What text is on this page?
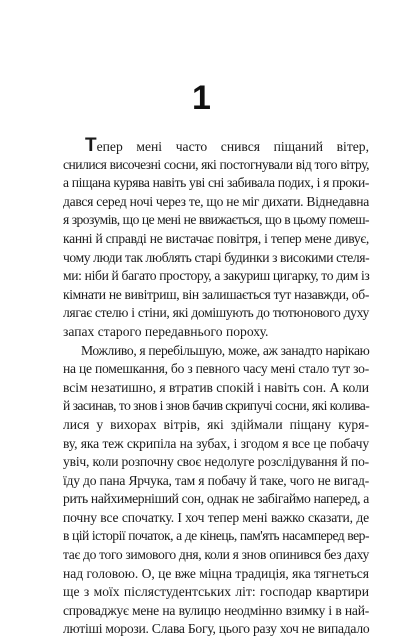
1
Тепер мені часто снився піщаний вітер,
снилися височезні сосни, які постогнували від того вітру,
а піщана курява навіть уві сні забивала подих, і я проки-
дався серед ночі через те, що не міг дихати. Віднедавна
я зрозумів, що це мені не ввижається, що в цьому помеш-
канні й справді не вистачає повітря, і тепер мене дивує,
чому люди так люблять старі будинки з високими стеля-
ми: ніби й багато простору, а закуриш цигарку, то дим із
кімнати не вивітриш, він залишається тут назавжди, об-
лягає стелю і стіни, які домішують до тютюнового духу
запах старого передавнього пороху.
Можливо, я перебільшую, може, аж занадто нарікаю
на це помешкання, бо з певного часу мені стало тут зо-
всім незатишно, я втратив спокій і навіть сон. А коли
й засинав, то знов і знов бачив скрипучі сосни, які колива-
лися у вихорах вітрів, які здіймали піщану куря-
ву, яка теж скрипіла на зубах, і згодом я все це побачу
увіч, коли розпочну своє недолуге розслідування й по-
їду до пана Ярчука, там я побачу й таке, чого не вигад-
рить найхимерніший сон, однак не забігаймо наперед, а
почну все спочатку. І хоч тепер мені важко сказати, де
в цій історії початок, а де кінець, пам'ять насамперед вер-
тає до того зимового дня, коли я знов опинився без даху
над головою. О, це вже міцна традиція, яка тягнеться
ще з моїх післястудентських літ: господар квартири
спроваджує мене на вулицю неодмінно взимку і в най-
лютіші морози. Слава Богу, цього разу хоч не випадало
